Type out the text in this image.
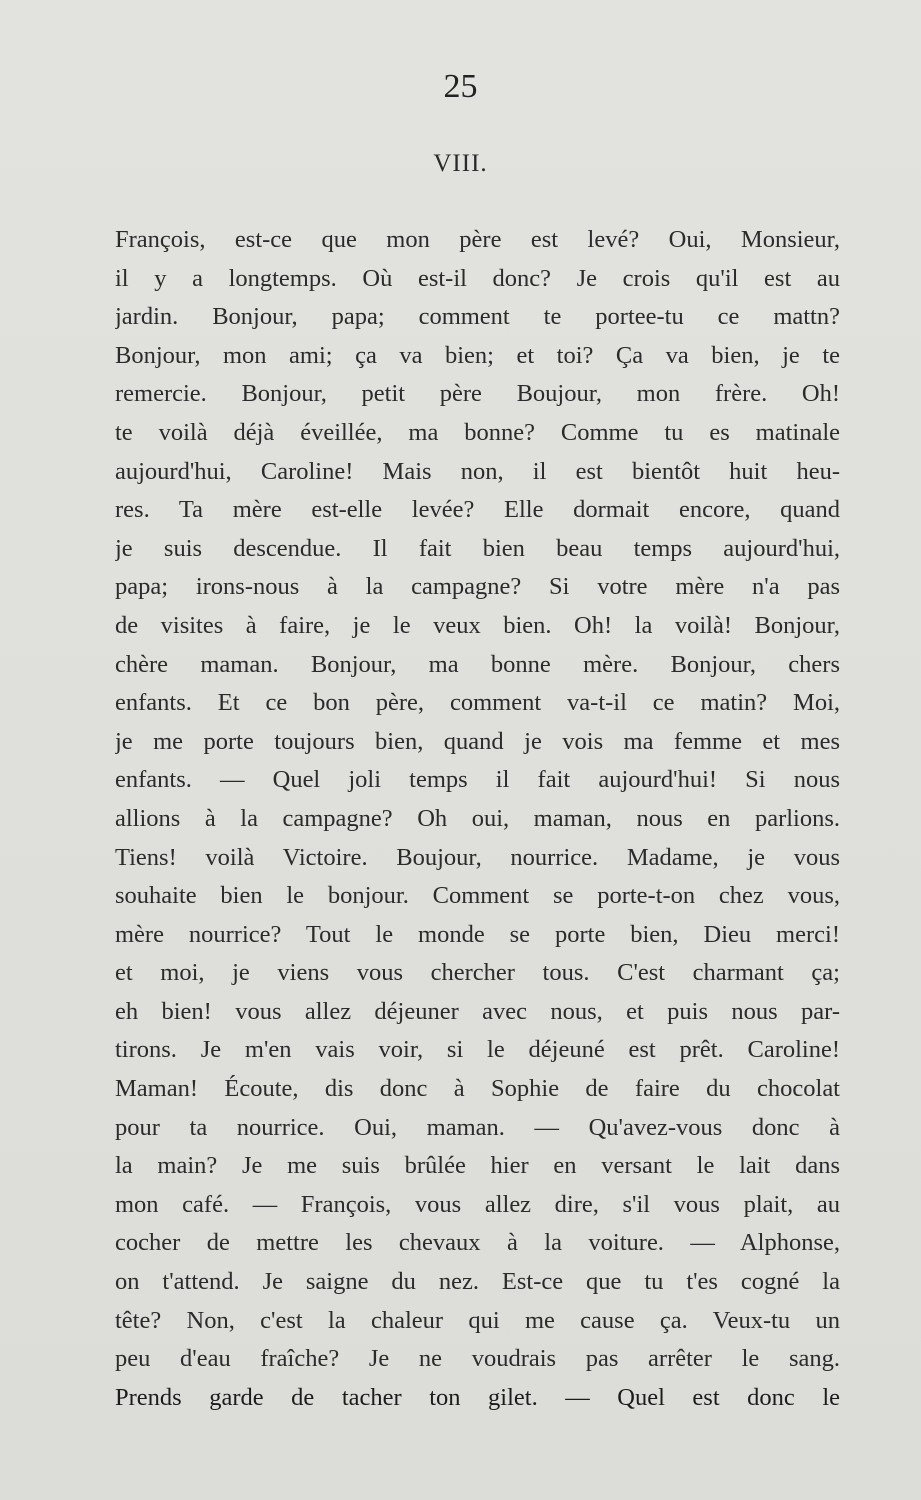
25
VIII.
François, est-ce que mon père est levé? Oui, Monsieur,
il y a longtemps. Où est-il donc? Je crois qu'il est au
jardin. Bonjour, papa; comment te portee-tu ce mattn?
Bonjour, mon ami; ça va bien; et toi? Ça va bien, je te
remercie. Bonjour, petit père Boujour, mon frère. Oh!
te voilà déjà éveillée, ma bonne? Comme tu es matinale
aujourd'hui, Caroline! Mais non, il est bientôt huit heu-
res. Ta mère est-elle levée? Elle dormait encore, quand
je suis descendue. Il fait bien beau temps aujourd'hui,
papa; irons-nous à la campagne? Si votre mère n'a pas
de visites à faire, je le veux bien. Oh! la voilà! Bonjour,
chère maman. Bonjour, ma bonne mère. Bonjour, chers
enfants. Et ce bon père, comment va-t-il ce matin? Moi,
je me porte toujours bien, quand je vois ma femme et mes
enfants. — Quel joli temps il fait aujourd'hui! Si nous
allions à la campagne? Oh oui, maman, nous en parlions.
Tiens! voilà Victoire. Boujour, nourrice. Madame, je vous
souhaite bien le bonjour. Comment se porte-t-on chez vous,
mère nourrice? Tout le monde se porte bien, Dieu merci!
et moi, je viens vous chercher tous. C'est charmant ça;
eh bien! vous allez déjeuner avec nous, et puis nous par-
tirons. Je m'en vais voir, si le déjeuné est prêt. Caroline!
Maman! Écoute, dis donc à Sophie de faire du chocolat
pour ta nourrice. Oui, maman. — Qu'avez-vous donc à
la main? Je me suis brûlée hier en versant le lait dans
mon café. — François, vous allez dire, s'il vous plait, au
cocher de mettre les chevaux à la voiture. — Alphonse,
on t'attend. Je saigne du nez. Est-ce que tu t'es cogné la
tête? Non, c'est la chaleur qui me cause ça. Veux-tu un
peu d'eau fraîche? Je ne voudrais pas arrêter le sang.
Prends garde de tacher ton gilet. — Quel est donc le
